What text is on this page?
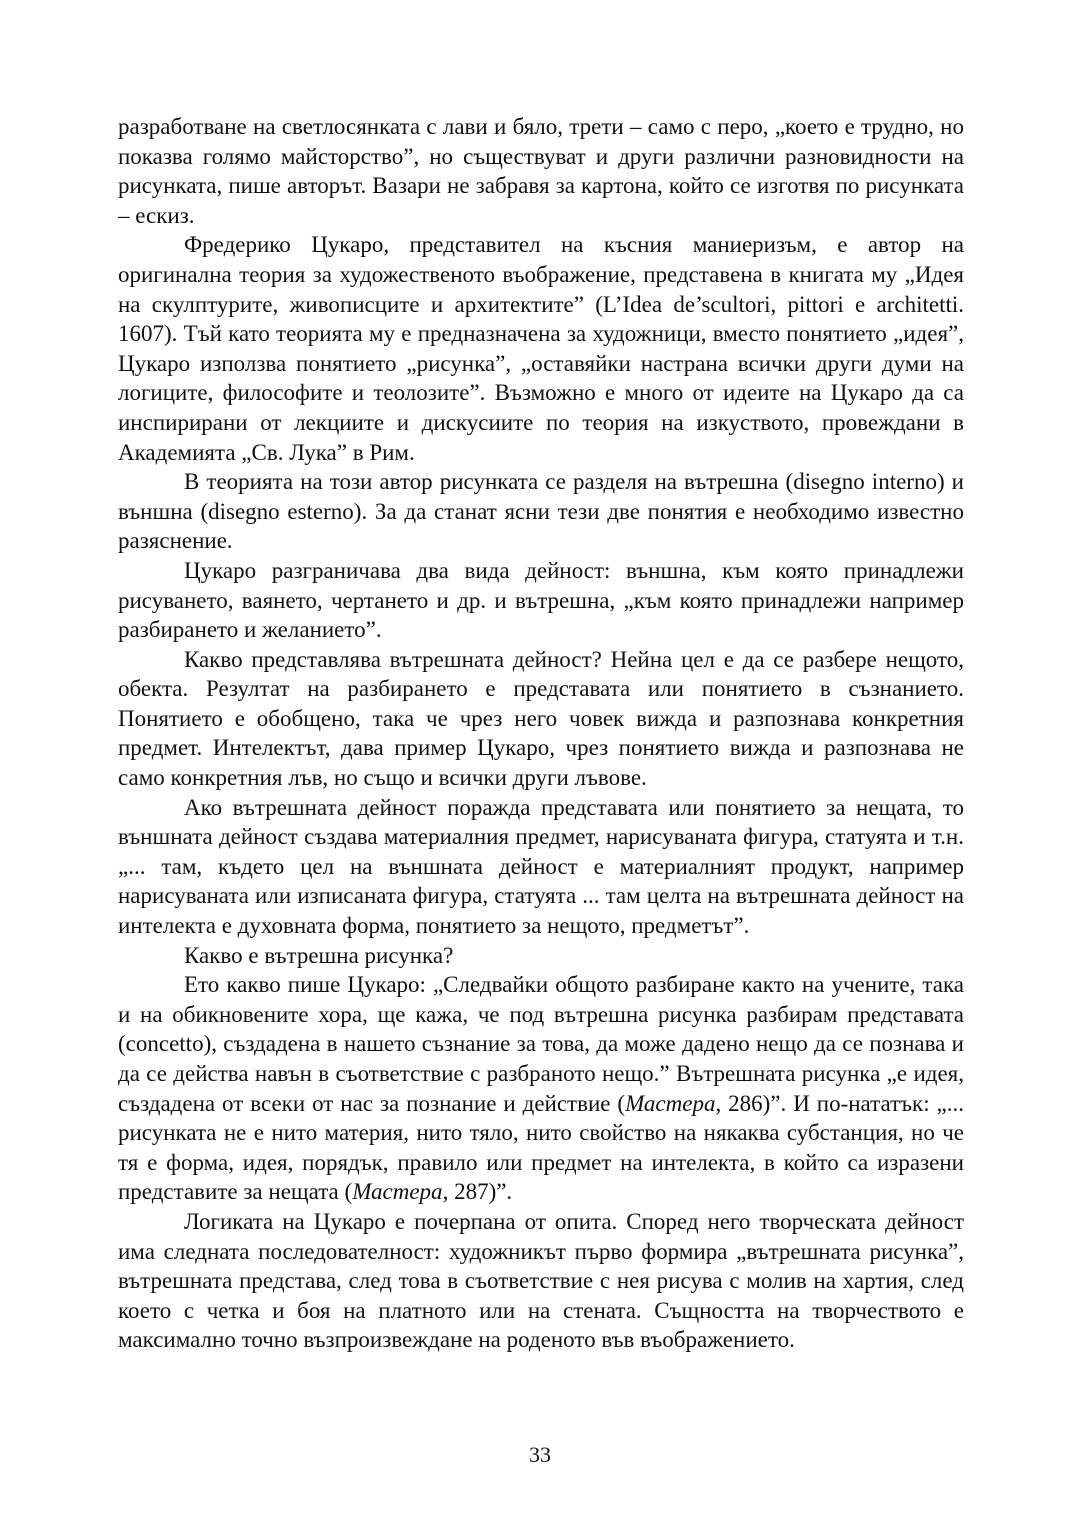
разработване на светлосянката с лави и бяло, трети – само с перо, „което е трудно, но показва голямо майсторство”, но съществуват и други различни разновидности на рисунката, пише авторът. Вазари не забравя за картона, който се изготвя по рисунката – ескиз.

Фредерико Цукаро, представител на късния маниеризъм, е автор на оригинална теория за художественото въображение, представена в книгата му „Идея на скулптурите, живописците и архитектите” (L’Idea de’scultori, pittori e architetti. 1607). Тъй като теорията му е предназначена за художници, вместо понятието „идея”, Цукаро използва понятието „рисунка”, „оставяйки настрана всички други думи на логиците, философите и теолозите”. Възможно е много от идеите на Цукаро да са инспирирани от лекциите и дискусиите по теория на изкуството, провеждани в Академията „Св. Лука” в Рим.

В теорията на този автор рисунката се разделя на вътрешна (disegno interno) и външна (disegno esterno). За да станат ясни тези две понятия е необходимо известно разяснение.

Цукаро разграничава два вида дейност: външна, към която принадлежи рисуването, ваянето, чертането и др. и вътрешна, „към която принадлежи например разбирането и желанието”.

Какво представлява вътрешната дейност? Нейна цел е да се разбере нещото, обекта. Резултат на разбирането е представата или понятието в съзнанието. Понятието е обобщено, така че чрез него човек вижда и разпознава конкретния предмет. Интелектът, дава пример Цукаро, чрез понятието вижда и разпознава не само конкретния лъв, но също и всички други лъвове.

Ако вътрешната дейност поражда представата или понятието за нещата, то външната дейност създава материалния предмет, нарисуваната фигура, статуята и т.н. „... там, където цел на външната дейност е материалният продукт, например нарисуваната или изписаната фигура, статуята ... там целта на вътрешната дейност на интелекта е духовната форма, понятието за нещото, предметът”.

Какво е вътрешна рисунка?

Ето какво пише Цукаро: „Следвайки общото разбиране както на учените, така и на обикновените хора, ще кажа, че под вътрешна рисунка разбирам представата (concetto), създадена в нашето съзнание за това, да може дадено нещо да се познава и да се действа навън в съответствие с разбраното нещо.” Вътрешната рисунка „е идея, създадена от всеки от нас за познание и действие (Мастера, 286)”. И по-нататък: „... рисунката не е нито материя, нито тяло, нито свойство на някаква субстанция, но че тя е форма, идея, порядък, правило или предмет на интелекта, в който са изразени представите за нещата (Мастера, 287)”.

Логиката на Цукаро е почерпана от опита. Според него творческата дейност има следната последователност: художникът първо формира „вътрешната рисунка”, вътрешната представа, след това в съответствие с нея рисува с молив на хартия, след което с четка и боя на платното или на стената. Същността на творчеството е максимално точно възпроизвеждане на роденото във въображението.

33
